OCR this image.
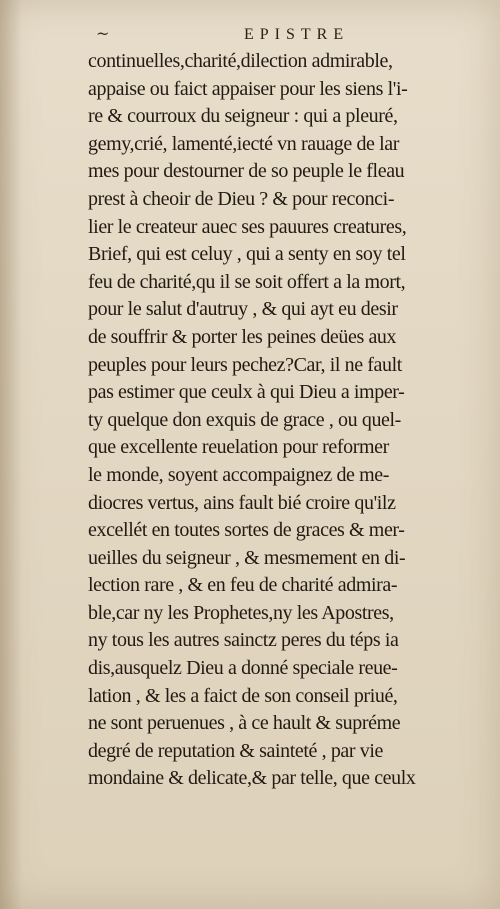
~	EPISTRE
continuelles,charité,dilection admirable,
appaise ou faict appaiser pour les siens l'i-
re & courroux du seigneur : qui a pleuré,
gemy,crié, lamenté,iecté vn rauage de lar
mes pour destourner de so peuple le fleau
prest à cheoir de Dieu ? & pour reconci-
lier le createur auec ses pauures creatures,
Brief, qui est celuy , qui a senty en soy tel
feu de charité,qu il se soit offert a la mort,
pour le salut d'autruy , & qui ayt eu desir
de souffrir & porter les peines deües aux
peuples pour leurs pechez?Car, il ne fault
pas estimer que ceulx à qui Dieu a imper-
ty quelque don exquis de grace , ou quel-
que excellente reuelation pour reformer
le monde, soyent accompaignez de me-
diocres vertus, ains fault bié croire qu'ilz
excellét en toutes sortes de graces & mer-
ueilles du seigneur , & mesmement en di-
lection rare , & en feu de charité admira-
ble,car ny les Prophetes,ny les Apostres,
ny tous les autres sainctz peres du téps ia
dis,ausquelz Dieu a donné speciale reue-
lation , & les a faict de son conseil priué,
ne sont peruenues , à ce hault & supréme
degré de reputation & sainteté , par vie
mondaine & delicate,& par telle, que ceulx
